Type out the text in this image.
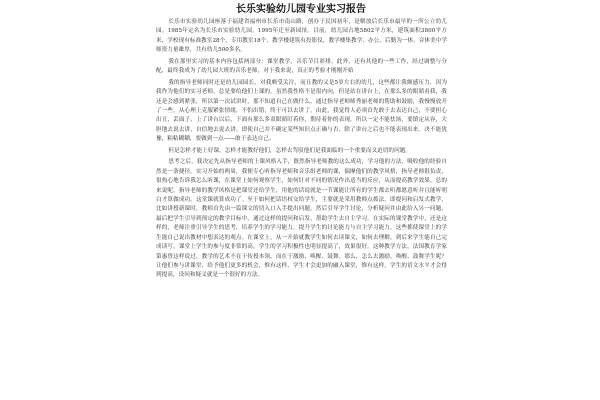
长乐实验幼儿园专业实习报告

长乐市实验幼儿园座落于福建省福州市长乐市南山路，创办于民国初年，是解放后长乐市最早的一所公立幼儿园。1985年定名为长乐市实验幼儿园，1995年迁至新园址。目前，幼儿园占地5802平方米，建筑面积3800平方米，学校现有标准教室28个，专用教室18个，教学楼建筑有投影仪，教学楼集教学、办公、后勤为一体。音体美中学师资力量雄厚，共有幼儿500多名。

我在那里实习的基本内容包括两部分：课堂教学，音乐节目彩排。此外，还有其他的一些工作，经过调整与分配，最终我成为了幼儿园大班的音乐老师，对于我来说，真正的考验才刚刚开始

我的指导老师同时还是幼儿园园长，对我颇受关注，而且教的又是5岁左右的幼儿，这些都让我颇感压力，因为我作为他们的实习老师，总是要给他们上课的。虽然我性格不是很内向，但是站在讲台上，在那么多的眼睛看我，我还是会感到紧张，所以第一次试讲时，那不知道自己在做什么。通过指导老师师秀丽老师的帮助和鼓励，我慢慢放开了一些，从心理上克服紧张情绪，不怕出错，终于可以去讲了。由此，我觉得人必须首先敢于去表达自己，不要担心出丑，丢面子，上了讲台以后，下面有那么多双眼睛盯着你，期待着你的表现，所以一定不能怯场，要镇定从容，大胆地去说去讲，自信地去说去讲。即使自己并不确定某些知识点正确与否，除了讲台之后也不能表现出来。决不能犹豫，粘粘糊糊，要做到一点——敢于表达自己。

但是怎样才能上好课，怎样才能教好他们，怎样去驾驭他们是我面临的一个重要而又迫切的问题。

思考之后，我决定先从指导老师的上课风格入手，既然指导老师教的这么成功，学习他的方法，吸收他的经验自然是一条捷径。实习开始的两周，我便专心听指导老师和音乐组老师的课，揣摩他们的教学风格，指导老师很负责，很热心地告诉我怎么听课，在课堂上如何观察学生，如何针对不同的情况作出适当的反应，从而提高教学效果。总的来说呢，指导老师的教学风格是把课堂还给学生，用他的话说就是一节课能让所有的学生都去听都愿意听并且能听明白才算做成功。这堂课就算成功了。至于如何把话语权交给学生，主要就是采用教师点拨法，即提问和启发式教学，比如讲授新课时，教师首先由一篇课文的切入口入手提出问题，然后引导学生讨论，分析疑问并由此给入另一问题，最后把学生引导到预定的教学目标中，通过这样的提问和启发，帮助学生去自主学习。在实际的课堂教学中，还是这样的，老师注重引导学生的思考，培养学生的学习能力，提升学生的讨论能力与自主学习能力，这些都使课堂上的学生能自己说出教材中想表达的观点。在课堂上，从一开始就教学生如何去读课文，如何去理解，到后来学生能自己完成读写，课堂上学生的参与度非常的高，学生的学习积极性也明显提高了，效果很好。这种教学方法，法国教育学家第惠曾这样说过，教学的艺术不在于传授本领，而在于激励、唤醒、鼓舞。那么，怎么去激励、唤醒、鼓舞学生呢？让他们参与讲课堂，给予他们更多的机会，惟有这样，学生才会更加的融入课堂，惟有这样，学生的语文水平才会得到提高，设问和疑义就是一个很好的方法。
